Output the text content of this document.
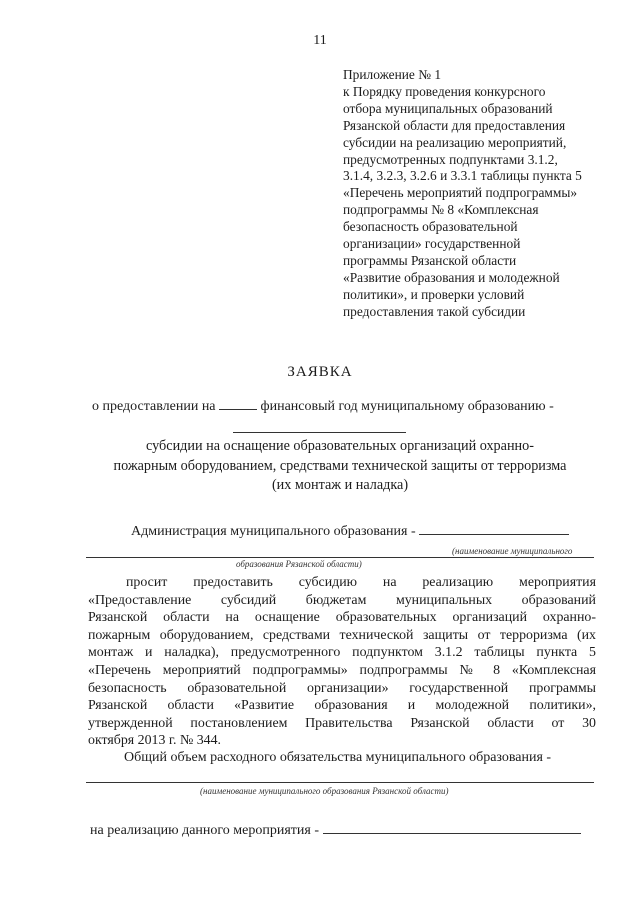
11
Приложение № 1
к Порядку проведения конкурсного
отбора муниципальных образований
Рязанской области для предоставления
субсидии на реализацию мероприятий,
предусмотренных подпунктами 3.1.2,
3.1.4, 3.2.3, 3.2.6 и 3.3.1 таблицы пункта 5
«Перечень мероприятий подпрограммы»
подпрограммы № 8 «Комплексная
безопасность образовательной
организации» государственной
программы Рязанской области
«Развитие образования и молодежной
политики», и проверки условий
предоставления такой субсидии
ЗАЯВКА
о предоставлении на	финансовый год муниципальному образованию -
субсидии на оснащение образовательных организаций охранно-
пожарным оборудованием, средствами технической защиты от терроризма
(их монтаж и наладка)
Администрация муниципального образования -
(наименование муниципального
образования Рязанской области)
просит предоставить субсидию на реализацию мероприятия
«Предоставление субсидий бюджетам муниципальных образований
Рязанской области на оснащение образовательных организаций охранно-
пожарным оборудованием, средствами технической защиты от терроризма (их
монтаж и наладка), предусмотренного подпунктом 3.1.2 таблицы пункта 5
«Перечень мероприятий подпрограммы» подпрограммы № 8 «Комплексная
безопасность образовательной организации» государственной программы
Рязанской области «Развитие образования и молодежной политики»,
утвержденной постановлением Правительства Рязанской области от 30
октября 2013 г. № 344.
Общий объем расходного обязательства муниципального образования -
(наименование муниципального образования Рязанской области)
на реализацию данного мероприятия -
